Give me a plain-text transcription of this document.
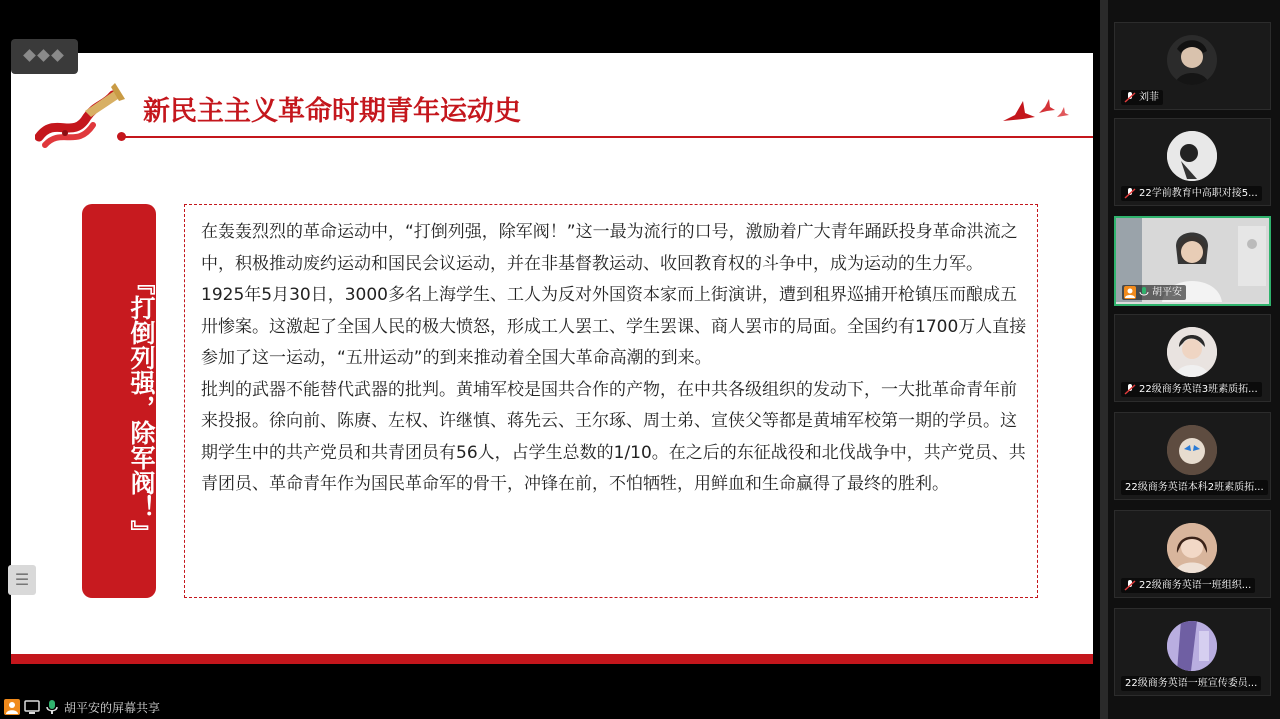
新民主主义革命时期青年运动史
『打倒列强，除军阀！』

在轰轰烈烈的革命运动中，“打倒列强，除军阀！”这一最为流行的口号，激励着广大青年踊跃投身革命洪流之中，积极推动废约运动和国民会议运动，并在非基督教运动、收回教育权的斗争中，成为运动的生力军。

1925年5月30日，3000多名上海学生、工人为反对外国资本家而上街演讲，遭到租界巡捕开枪镇压而酿成五卅惨案。这激起了全国人民的极大愤怒，形成工人罢工、学生罢课、商人罢市的局面。全国约有1700万人直接参加了这一运动，“五卅运动”的到来推动着全国大革命高潮的到来。

批判的武器不能替代武器的批判。黄埔军校是国共合作的产物，在中共各级组织的发动下，一大批革命青年前来投报。徐向前、陈赓、左权、许继慎、蒋先云、王尔琢、周士弟、宣侠父等都是黄埔军校第一期的学员。这期学生中的共产党员和共青团员有56人，占学生总数的1/10。在之后的东征战役和北伐战争中，共产党员、共青团员、革命青年作为国民革命军的骨干，冲锋在前，不怕牺牲，用鲜血和生命赢得了最终的胜利。

☰
胡平安的屏幕共享
刘菲
22学前教育中高职对接5...
胡平安
22级商务英语3班素质拓...
22级商务英语本科2班素质拓...
22级商务英语一班组织...
22级商务英语一班宣传委员...
